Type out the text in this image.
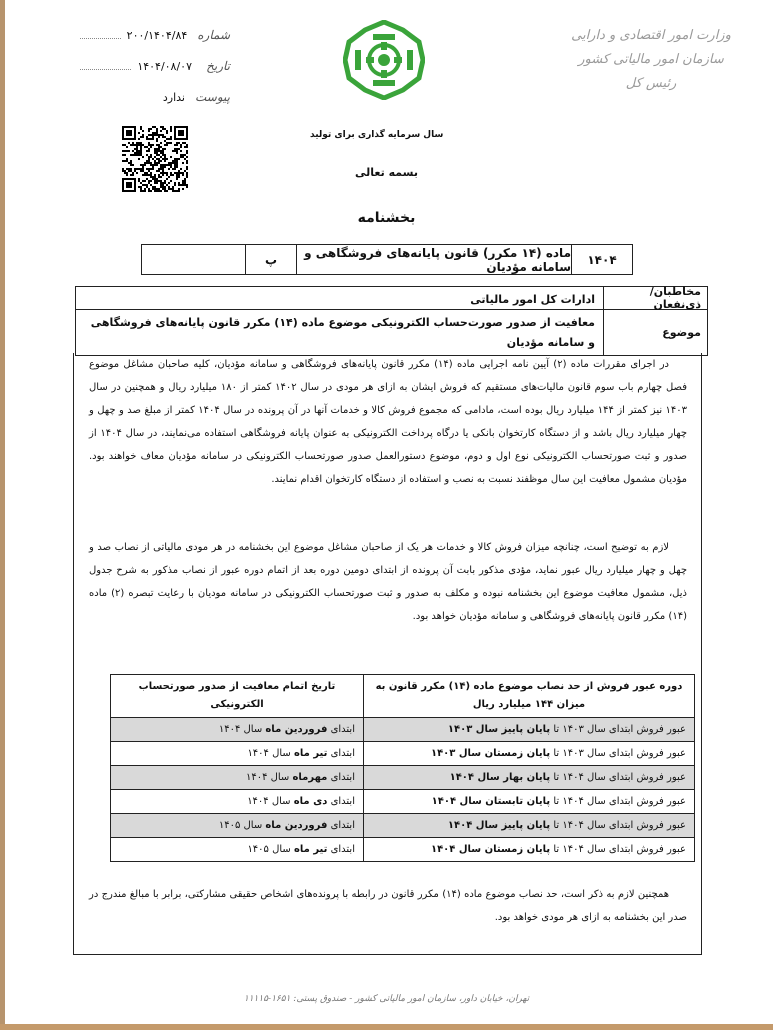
وزارت امور اقتصادی و دارایی
سازمان امور مالیاتی کشور
رئیس کل
شماره
۲۰۰/۱۴۰۴/۸۴
تاریخ
۱۴۰۴/۰۸/۰۷
پیوست
ندارد
سال سرمایه گذاری برای تولید
بسمه تعالی
بخشنامه
۱۴۰۴
ماده (۱۴ مکرر) قانون پایانه‌های فروشگاهی و سامانه مؤدیان
پ
مخاطبان/ذی‌نفعان
ادارات کل امور مالیاتی
موضوع
معافیت از صدور صورت‌حساب الکترونیکی موضوع ماده (۱۴) مکرر قانون پایانه‌های فروشگاهی و سامانه مؤدیان

در اجرای مقررات ماده (۲) آیین نامه اجرایی ماده (۱۴) مکرر قانون پایانه‌های فروشگاهی و سامانه مؤدیان، کلیه صاحبان مشاغل موضوع فصل چهارم باب سوم قانون مالیات‌های مستقیم که فروش ایشان به ازای هر مودی در سال ۱۴۰۲ کمتر از ۱۸۰ میلیارد ریال و همچنین در سال ۱۴۰۳ نیز کمتر از ۱۴۴ میلیارد ریال بوده است، مادامی که مجموع فروش کالا و خدمات آنها در آن پرونده در سال ۱۴۰۴ کمتر از مبلغ صد و چهل و چهار میلیارد ریال باشد و از دستگاه کارتخوان بانکی یا درگاه پرداخت الکترونیکی به عنوان پایانه فروشگاهی استفاده می‌نمایند، در سال ۱۴۰۴ از صدور و ثبت صورتحساب الکترونیکی نوع اول و دوم، موضوع دستورالعمل صدور صورتحساب الکترونیکی در سامانه مؤدیان معاف خواهند بود. مؤدیان مشمول معافیت این سال موظفند نسبت به نصب و استفاده از دستگاه کارتخوان اقدام نمایند.

لازم به توضیح است، چنانچه میزان فروش کالا و خدمات هر یک از صاحبان مشاغل موضوع این بخشنامه در هر مودی مالیاتی از نصاب صد و چهل و چهار میلیارد ریال عبور نماید، مؤدی مذکور بابت آن پرونده از ابتدای دومین دوره بعد از اتمام دوره عبور از نصاب مذکور به شرح جدول ذیل، مشمول معافیت موضوع این بخشنامه نبوده و مکلف به صدور و ثبت صورتحساب الکترونیکی در سامانه مودیان با رعایت تبصره (۲) ماده (۱۴) مکرر قانون پایانه‌های فروشگاهی و سامانه مؤدیان خواهد بود.

همچنین لازم به ذکر است، حد نصاب موضوع ماده (۱۴) مکرر قانون در رابطه با پرونده‌های اشخاص حقیقی مشارکتی، برابر با مبالغ مندرج در صدر این بخشنامه به ازای هر مودی خواهد بود.

دوره عبور فروش از حد نصاب موضوع ماده (۱۴) مکرر قانون به میزان ۱۴۴ میلیارد ریال	تاریخ اتمام معافیت از صدور صورتحساب الکترونیکی
عبور فروش ابتدای سال ۱۴۰۳ تا پایان پاییز سال ۱۴۰۳	ابتدای فروردین ماه سال ۱۴۰۴
عبور فروش ابتدای سال ۱۴۰۳ تا پایان زمستان سال ۱۴۰۳	ابتدای تیر ماه سال ۱۴۰۴
عبور فروش ابتدای سال ۱۴۰۴ تا پایان بهار سال ۱۴۰۴	ابتدای مهرماه سال ۱۴۰۴
عبور فروش ابتدای سال ۱۴۰۴ تا پایان تابستان سال ۱۴۰۴	ابتدای دی ماه سال ۱۴۰۴
عبور فروش ابتدای سال ۱۴۰۴ تا پایان پاییز سال ۱۴۰۴	ابتدای فروردین ماه سال ۱۴۰۵
عبور فروش ابتدای سال ۱۴۰۴ تا پایان زمستان سال ۱۴۰۴	ابتدای تیر ماه سال ۱۴۰۵
تهران، خیابان داور، سازمان امور مالیاتی کشور - صندوق پستی: ۱۶۵۱-۱۱۱۱۵
